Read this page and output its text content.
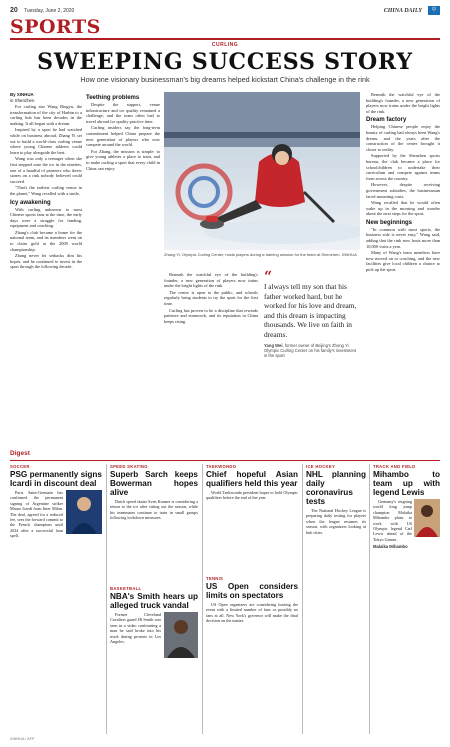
20 Tuesday, June 2, 2020	CHINA DAILY	中
SPORTS
CURLING
SWEEPING SUCCESS STORY
How one visionary businessman's big dreams helped kickstart China's challenge in the rink

By XINHUA

in Shenzhen

For curling star Wang Bingyu, the transformation of the city of Harbin to a curling hub has been decades in the making. It all began with a dream.

Inspired by a sport he had watched while on business abroad, Zhang Yi set out to build a world-class curling venue where young Chinese athletes could learn to play alongside the best.

Wang was only a teenager when she first stepped onto the ice in the nineties, one of a handful of pioneers who threw stones on a rink nobody believed could succeed.

"That's the earliest curling venue in the planet," Wang recalled with a smile.

Icy awakening

With curling unknown to most Chinese sports fans at the time, the early days were a struggle for funding, equipment and coaching.

Zhang's club became a home for the national team, and its members went on to claim gold at the 2009 world championship.

Zhang never let setbacks dim his hopes, and he continued to invest in the sport through the following decade.

Teething problems

Despite the support, venue infrastructure and ice quality remained a challenge, and the team often had to travel abroad for quality practice time.

Curling insiders say the long-term commitment helped China prepare the next generation of players who now compete around the world.

For Zhang, the mission is simple: to give young athletes a place to train, and to make curling a sport that every child in China can enjoy.

Zhang Yi, Olympic Curling Center, hosts players during a training session for the team at Shenzhen. XINHUA

Beneath the watchful eye of the building's founder, a new generation of players now trains under the bright lights of the rink.

The center is open to the public, and schools regularly bring students to try the sport for the first time.

Curling has proven to be a discipline that rewards patience and teamwork, and its reputation in China keeps rising.

“
I always tell my son that his father worked hard, but he worked for his love and dream, and this dream is impacting thousands. We live on faith in dreams.
Yang Wei, former owner of Beijing's Zhong Yi Olympic Curling Center on his family's investment in the sport

Beneath the watchful eye of the building's founder, a new generation of players now trains under the bright lights of the rink.

Dream factory

Helping Chinese people enjoy the beauty of curling had always been Wang's dream, and the years after the construction of the center brought it closer to reality.

Supported by the Shenzhen sports bureau, the club became a place for schoolchildren to undertake their curriculum and compete against teams from across the country.

However, despite receiving government subsidies, the businessman faced mounting costs.

Wang recalled that he would often wake up in the morning and wonder about the next steps for the sport.

New beginnings

"In common with most sports, the business side is never easy," Wang said, adding that the rink now hosts more than 10,000 visits a year.

Many of Wang's team members have now moved on to coaching, and the new facilities give local children a chance to pick up the sport.

Digest
SOCCER
PSG permanently signs Icardi in discount deal

Paris Saint-Germain has confirmed the permanent signing of Argentine striker Mauro Icardi from Inter Milan. The deal, agreed for a reduced fee, sees the forward commit to the French champions until 2024 after a successful loan spell.

SPEED SKATING
Superb Sarch keeps Bowerman hopes alive

Dutch speed skater Sven Kramer is considering a return to the ice after sitting out the season, while his teammates continue to train in small groups following lockdown measures.

BASKETBALL
NBA's Smith hears up alleged truck vandal

Former Cleveland Cavaliers guard JR Smith was seen in a video confronting a man he said broke into his truck during protests in Los Angeles.

TAEKWONDO
Chief hopeful Asian qualifiers held this year

World Taekwondo president hopes to hold Olympic qualifiers before the end of the year.

TENNIS
US Open considers limits on spectators

US Open organizers are considering hosting the event with a limited number of fans or possibly no fans at all. New York's governor will make the final decision on the matter.

ICE HOCKEY
NHL planning daily coronavirus tests

The National Hockey League is preparing daily testing for players when the league resumes its season, with organizers looking at hub cities.

TRACK AND FIELD
Mihambo to team up with legend Lewis

Germany's reigning world long jump champion Malaika Mihambo plans to work with US Olympic legend Carl Lewis ahead of the Tokyo Games.

Malaika Mihambo
XINHUA / AFP
